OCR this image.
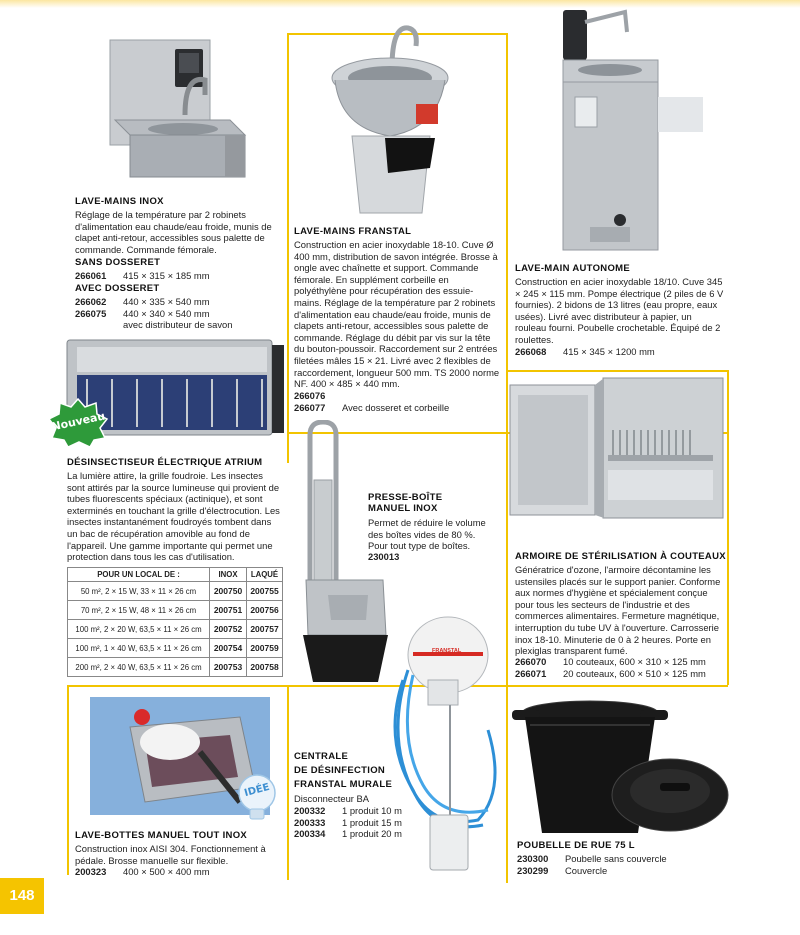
LAVE-MAINS INOX
Réglage de la température par 2 robinets d'alimentation eau chaude/eau froide, munis de clapet anti-retour, accessibles sous palette de commande. Commande fémorale.
SANS DOSSERET
266061	415 × 315 × 185 mm
AVEC DOSSERET
266062	440 × 335 × 540 mm
266075	440 × 340 × 540 mm
avec distributeur de savon
LAVE-MAINS FRANSTAL
Construction en acier inoxydable 18-10. Cuve Ø 400 mm, distribution de savon intégrée. Brosse à ongle avec chaînette et support. Commande fémorale. En supplément corbeille en polyéthylène pour récupération des essuie-mains. Réglage de la température par 2 robinets d'alimentation eau chaude/eau froide, munis de clapets anti-retour, accessibles sous palette de commande. Réglage du débit par vis sur la tête du bouton-poussoir. Raccordement sur 2 entrées filetées mâles 15 × 21. Livré avec 2 flexibles de raccordement, longueur 500 mm. TS 2000 norme NF. 400 × 485 × 440 mm.
266076
266077	Avec dosseret et corbeille
LAVE-MAIN AUTONOME
Construction en acier inoxydable 18/10. Cuve 345 × 245 × 115 mm. Pompe électrique (2 piles de 6 V fournies). 2 bidons de 13 litres (eau propre, eaux usées). Livré avec distributeur à papier, un rouleau fourni. Poubelle crochetable. Équipé de 2 roulettes.
266068	415 × 345 × 1200 mm
Nouveau
DÉSINSECTISEUR ÉLECTRIQUE ATRIUM
La lumière attire, la grille foudroie. Les insectes sont attirés par la source lumineuse qui provient de tubes fluorescents spéciaux (actinique), et sont exterminés en touchant la grille d'électrocution. Les insectes instantanément foudroyés tombent dans un bac de récupération amovible au fond de l'appareil. Une gamme importante qui permet une protection dans tous les cas d'utilisation.
POUR UN LOCAL DE :	INOX	LAQUÉ
50 m², 2 × 15 W, 33 × 11 × 26 cm	200750	200755
70 m², 2 × 15 W, 48 × 11 × 26 cm	200751	200756
100 m², 2 × 20 W, 63,5 × 11 × 26 cm	200752	200757
100 m², 1 × 40 W, 63,5 × 11 × 26 cm	200754	200759
200 m², 2 × 40 W, 63,5 × 11 × 26 cm	200753	200758
PRESSE-BOÎTE
MANUEL INOX
Permet de réduire le volume des boîtes vides de 80 %. Pour tout type de boîtes.
230013	ARMOIRE DE STÉRILISATION À COUTEAUX
Génératrice d'ozone, l'armoire décontamine les ustensiles placés sur le support panier. Conforme aux normes d'hygiène et spécialement conçue pour tous les secteurs de l'industrie et des commerces alimentaires. Fermeture magnétique, interruption du tube UV à l'ouverture. Carrosserie inox 18-10. Minuterie de 0 à 2 heures. Porte en plexiglas transparent fumé.
266070	10 couteaux, 600 × 310 × 125 mm
266071	20 couteaux, 600 × 510 × 125 mm
IDÉE
LAVE-BOTTES MANUEL TOUT INOX
Construction inox AISI 304. Fonctionnement à pédale. Brosse manuelle sur flexible.
200323	400 × 500 × 400 mm
FRANSTAL
CENTRALE
DE DÉSINFECTION
FRANSTAL MURALE
Disconnecteur BA
200332	1 produit 10 m
200333	1 produit 15 m
200334	1 produit 20 m
POUBELLE DE RUE 75 L
230300	Poubelle sans couvercle
230299	Couvercle
148
